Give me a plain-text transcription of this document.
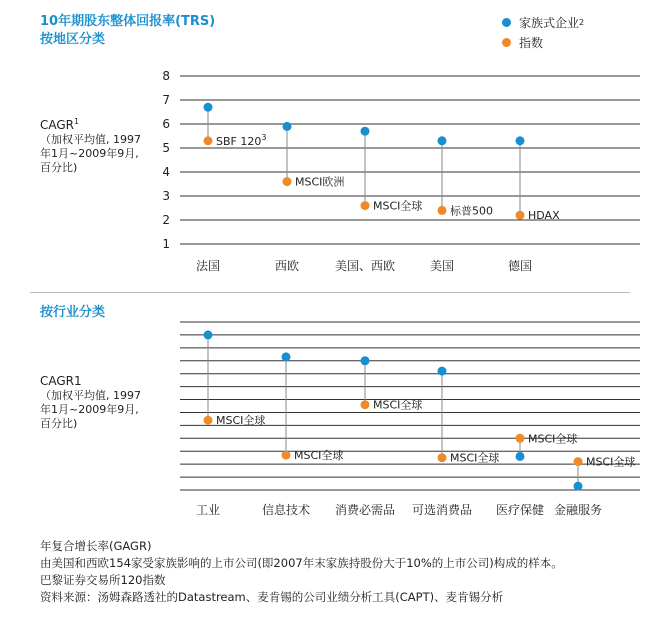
10年期股东整体回报率(TRS)
按地区分类
家族式企业 2
指数
CAGR$^1$
（加权平均值, 1997
年1月~2009年9月,
百分比)
1
2
3
4
5
6
7
8
SBF $120^3$
法国
MSCI欧洲
西欧
MSCI全球
美国、西欧
标普500
美国
HDAX
德国
按行业分类
CAGR1
（加权平均值, 1997
年1月~2009年9月,
百分比)	MSCI全球
工业
MSCI全球
信息技术
MSCI全球
消费必需品
MSCI全球
可选消费品
MSCI全球
医疗保健
MSCI全球
金融服务
年复合增长率(GAGR)
由美国和西欧154家受家族影响的上市公司(即2007年末家族持股份大于10%的上市公司)构成的样本。
巴黎证券交易所120指数
资料来源：汤姆森路透社的Datastream、麦肯锡的公司业绩分析工具(CAPT)、麦肯锡分析
